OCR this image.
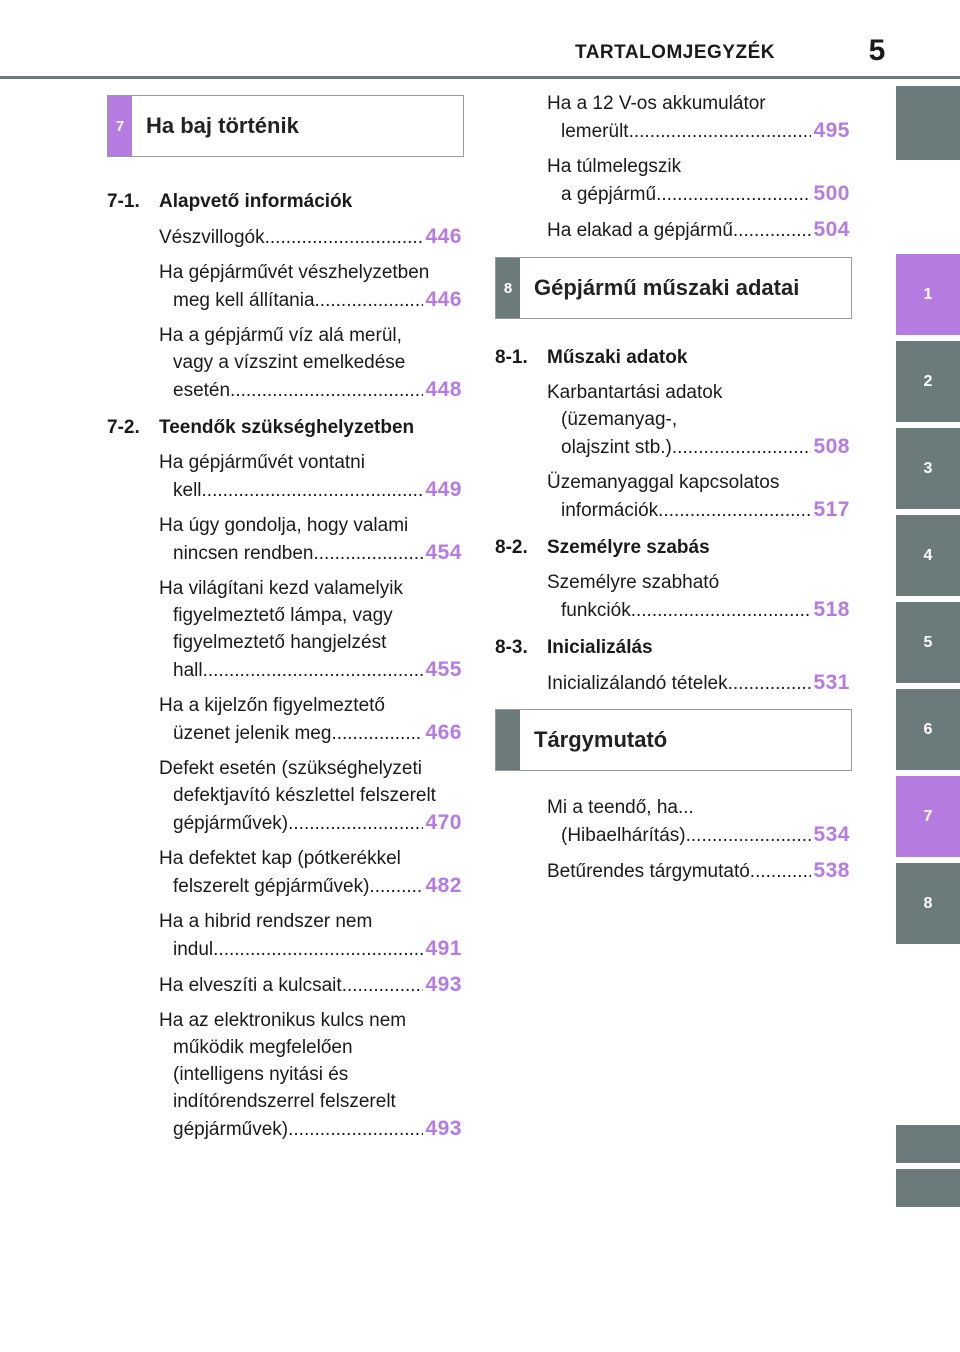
TARTALOMJEGYZÉK	5
1
2
3
4
5
6
7
8
7 Ha baj történik
7-1.	Alapvető információk
Vészvillogók .....	446
Ha gépjárművét vészhelyzetben
meg kell állítania .....	446
Ha a gépjármű víz alá merül,
vagy a vízszint emelkedése
esetén .....	448
7-2.	Teendők szükséghelyzetben
Ha gépjárművét vontatni
kell .....	449
Ha úgy gondolja, hogy valami
nincsen rendben .....	454
Ha világítani kezd valamelyik
figyelmeztető lámpa, vagy
figyelmeztető hangjelzést
hall .....	455
Ha a kijelzőn figyelmeztető
üzenet jelenik meg .....	466
Defekt esetén (szükséghelyzeti
defektjavító készlettel felszerelt
gépjárművek) .....	470
Ha defektet kap (pótkerékkel
felszerelt gépjárművek) .....	482
Ha a hibrid rendszer nem
indul .....	491
Ha elveszíti a kulcsait .....	493
Ha az elektronikus kulcs nem
működik megfelelően
(intelligens nyitási és
indítórendszerrel felszerelt
gépjárművek) .....	493
Ha a 12 V-os akkumulátor
lemerült .....	495
Ha túlmelegszik
a gépjármű .....	500
Ha elakad a gépjármű .....	504
8 Gépjármű műszaki adatai
8-1.	Műszaki adatok
Karbantartási adatok
(üzemanyag-,
olajszint stb.) .....	508
Üzemanyaggal kapcsolatos
információk .....	517
8-2.	Személyre szabás
Személyre szabható
funkciók .....	518
8-3.	Inicializálás
Inicializálandó tételek .....	531
Tárgymutató
Mi a teendő, ha...
(Hibaelhárítás) .....	534
Betűrendes tárgymutató .....	538
